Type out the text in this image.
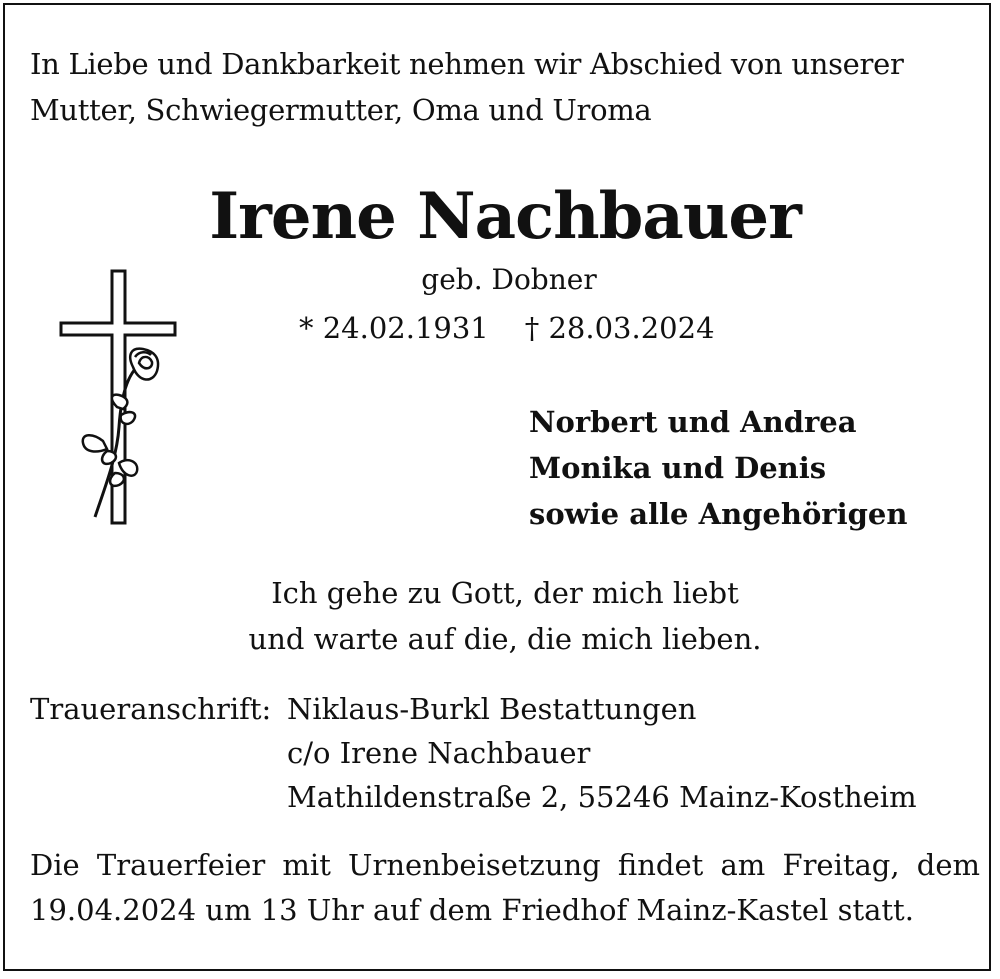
In Liebe und Dankbarkeit nehmen wir Abschied von unserer
Mutter, Schwiegermutter, Oma und Uroma
Irene Nachbauer
geb. Dobner
* 24.02.1931 † 28.03.2024
Norbert und Andrea
Monika und Denis
sowie alle Angehörigen
Ich gehe zu Gott, der mich liebt
und warte auf die, die mich lieben.
Traueranschrift: Niklaus-Burkl Bestattungen
c/o Irene Nachbauer
Mathildenstraße 2, 55246 Mainz-Kostheim
Die Trauerfeier mit Urnenbeisetzung findet am Freitag, dem
19.04.2024 um 13 Uhr auf dem Friedhof Mainz-Kastel statt.
